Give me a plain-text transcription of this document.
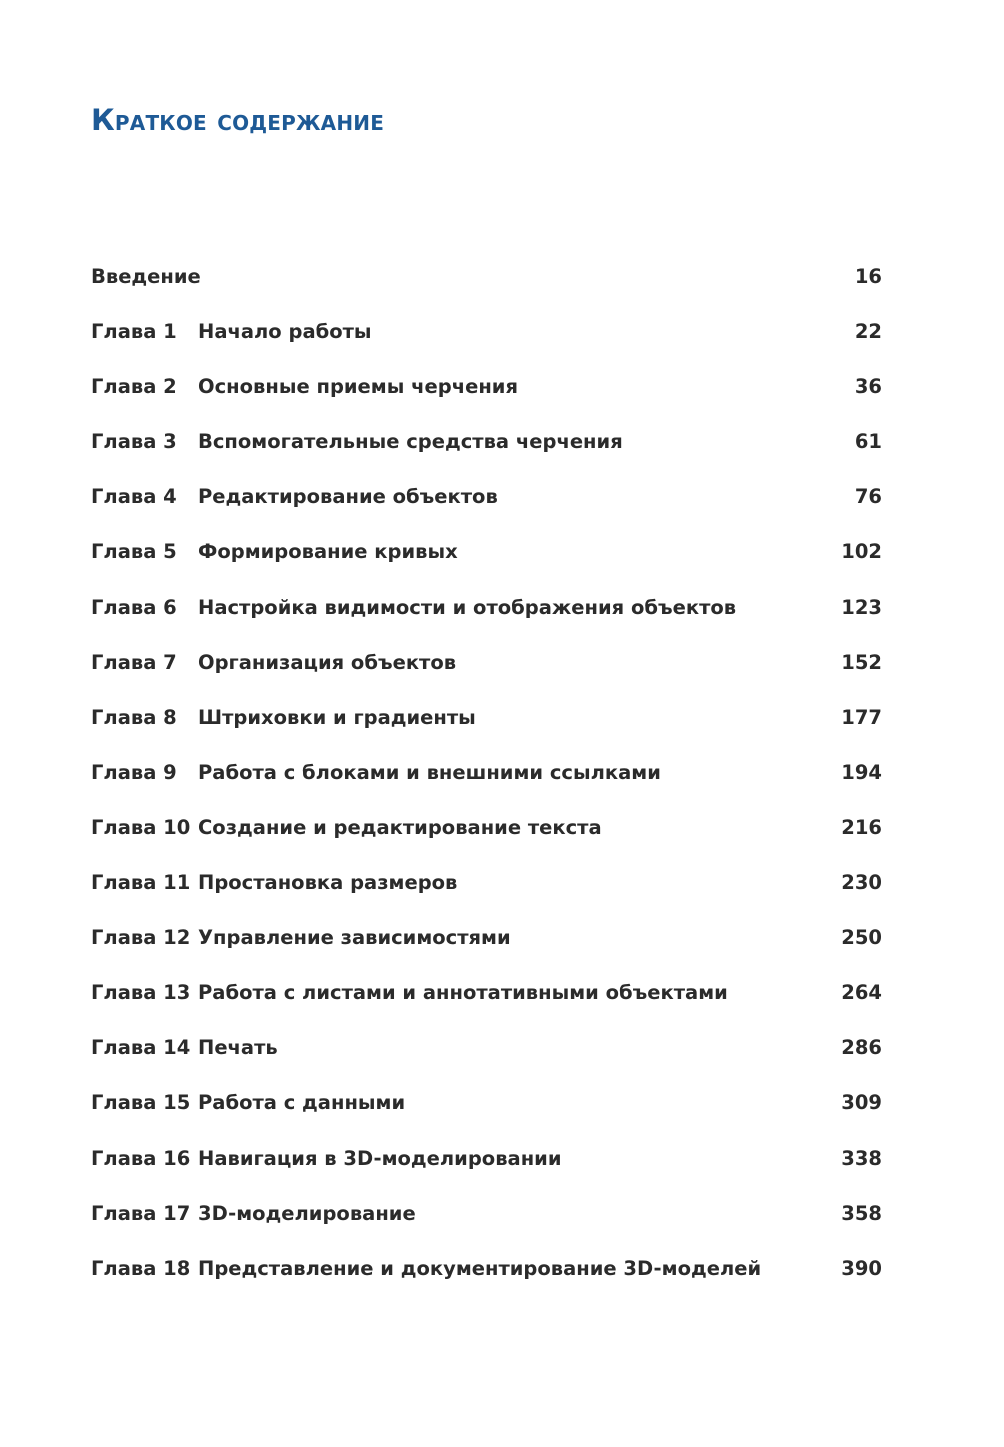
Краткое содержание
Введение	16
Глава 1 Начало работы	22
Глава 2 Основные приемы черчения	36
Глава 3 Вспомогательные средства черчения	61
Глава 4 Редактирование объектов	76
Глава 5 Формирование кривых	102
Глава 6 Настройка видимости и отображения объектов	123
Глава 7 Организация объектов	152
Глава 8 Штриховки и градиенты	177
Глава 9 Работа с блоками и внешними ссылками	194
Глава 10 Создание и редактирование текста	216
Глава 11 Простановка размеров	230
Глава 12 Управление зависимостями	250
Глава 13 Работа с листами и аннотативными объектами	264
Глава 14 Печать	286
Глава 15 Работа с данными	309
Глава 16 Навигация в 3D-моделировании	338
Глава 17 3D-моделирование	358
Глава 18 Представление и документирование 3D-моделей	390
